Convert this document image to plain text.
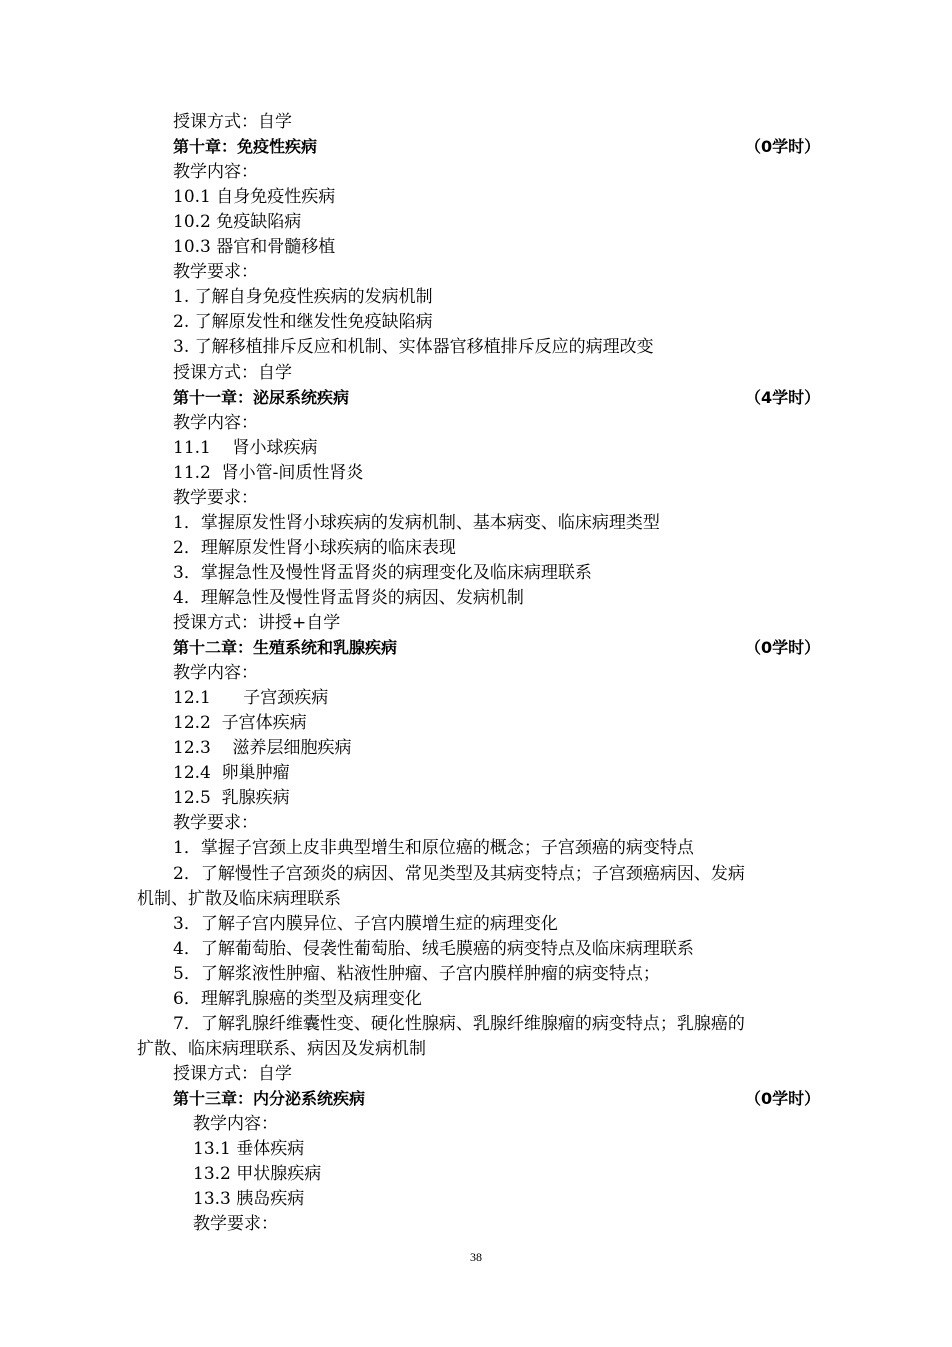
授课方式：自学
第十章：免疫性疾病	（0学时）
教学内容：
10.1 自身免疫性疾病
10.2 免疫缺陷病
10.3 器官和骨髓移植
教学要求：
1. 了解自身免疫性疾病的发病机制
2. 了解原发性和继发性免疫缺陷病
3. 了解移植排斥反应和机制、实体器官移植排斥反应的病理改变
授课方式：自学
第十一章：泌尿系统疾病	（4学时）
教学内容：
11.1    肾小球疾病
11.2  肾小管-间质性肾炎
教学要求：
1．掌握原发性肾小球疾病的发病机制、基本病变、临床病理类型
2．理解原发性肾小球疾病的临床表现
3．掌握急性及慢性肾盂肾炎的病理变化及临床病理联系
4．理解急性及慢性肾盂肾炎的病因、发病机制
授课方式：讲授+自学
第十二章：生殖系统和乳腺疾病	（0学时）
教学内容：
12.1      子宫颈疾病
12.2  子宫体疾病
12.3    滋养层细胞疾病
12.4  卵巢肿瘤
12.5  乳腺疾病
教学要求：
1．掌握子宫颈上皮非典型增生和原位癌的概念；子宫颈癌的病变特点
2．了解慢性子宫颈炎的病因、常见类型及其病变特点；子宫颈癌病因、发病
机制、扩散及临床病理联系
3．了解子宫内膜异位、子宫内膜增生症的病理变化
4．了解葡萄胎、侵袭性葡萄胎、绒毛膜癌的病变特点及临床病理联系
5．了解浆液性肿瘤、粘液性肿瘤、子宫内膜样肿瘤的病变特点；
6．理解乳腺癌的类型及病理变化
7．了解乳腺纤维囊性变、硬化性腺病、乳腺纤维腺瘤的病变特点；乳腺癌的
扩散、临床病理联系、病因及发病机制
授课方式：自学
第十三章：内分泌系统疾病	（0学时）
教学内容：
13.1 垂体疾病
13.2 甲状腺疾病
13.3 胰岛疾病
教学要求：
38
